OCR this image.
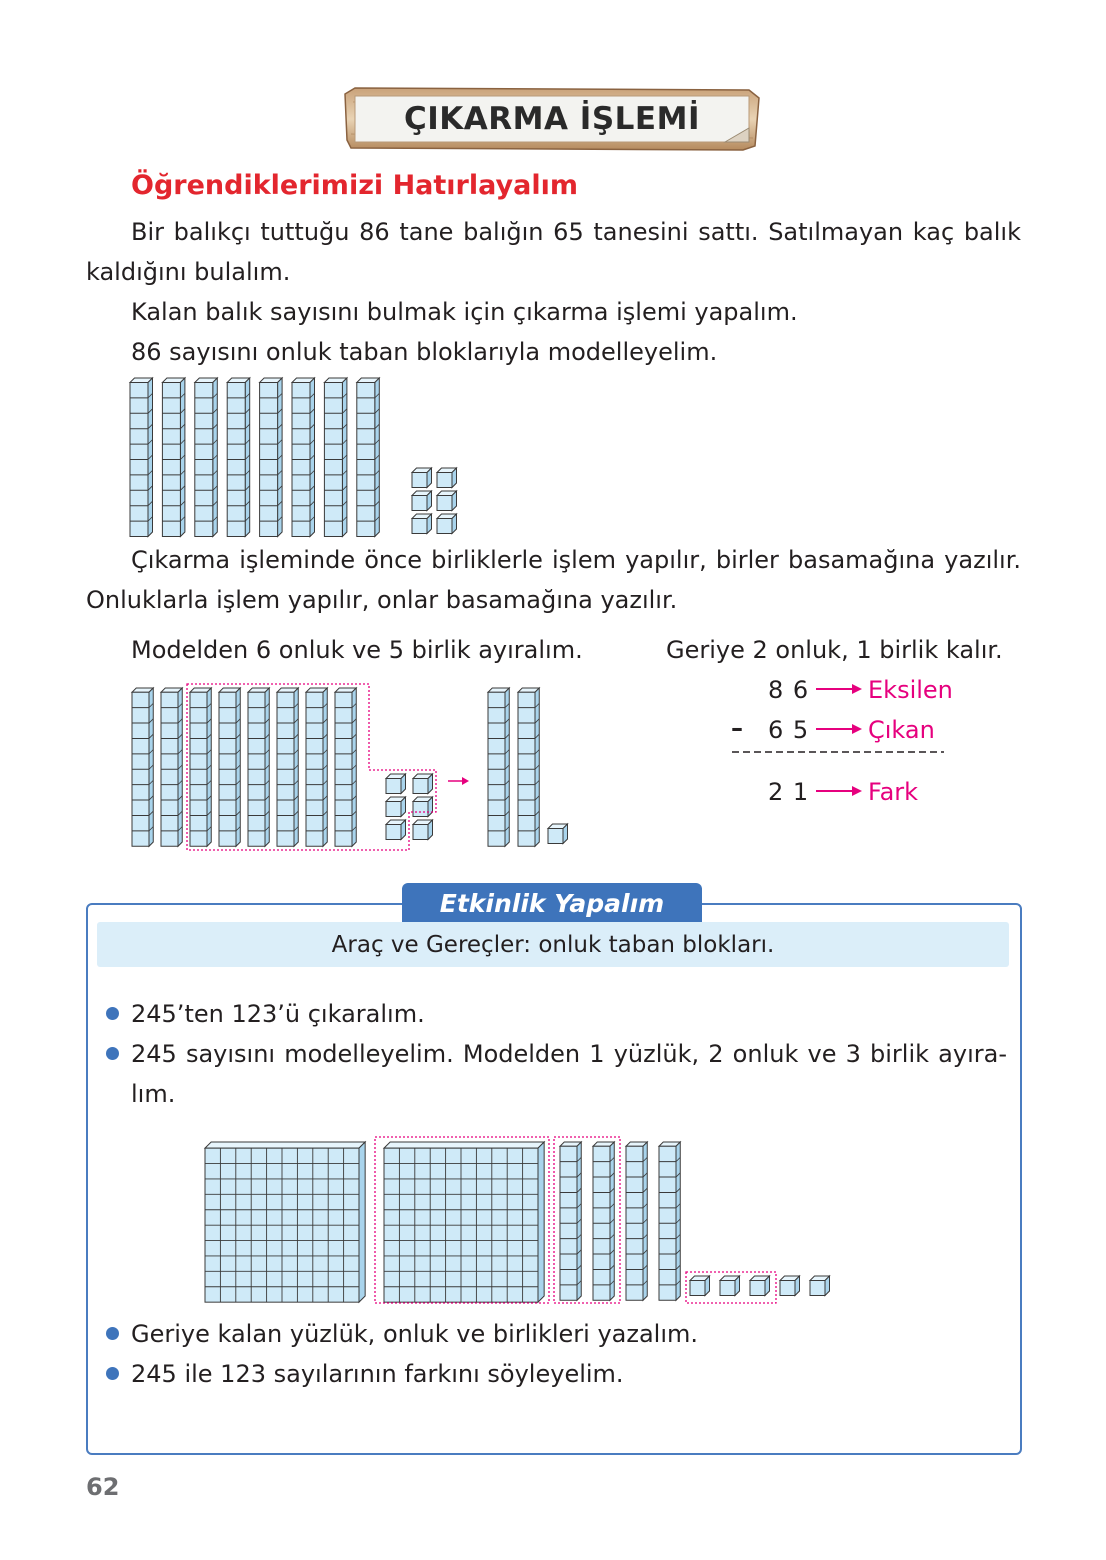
ÇIKARMA İŞLEMİ
Öğrendiklerimizi Hatırlayalım
Bir balıkçı tuttuğu 86 tane balığın 65 tanesini sattı. Satılmayan kaç balık
kaldığını bulalım.
Kalan balık sayısını bulmak için çıkarma işlemi yapalım.
86 sayısını onluk taban bloklarıyla modelleyelim.
Çıkarma işleminde önce birliklerle işlem yapılır, birler basamağına yazılır.
Onluklarla işlem yapılır, onlar basamağına yazılır.
Modelden 6 onluk ve 5 birlik ayıralım.	Geriye 2 onluk, 1 birlik kalır.
8 6
6 5
2 1
–
Eksilen
Çıkan
Fark
Etkinlik Yapalım
Araç ve Gereçler: onluk taban blokları.
245’ten 123’ü çıkaralım.
245 sayısını modelleyelim. Modelden 1 yüzlük, 2 onluk ve 3 birlik ayıra-
lım.
Geriye kalan yüzlük, onluk ve birlikleri yazalım.
245 ile 123 sayılarının farkını söyleyelim.
62
